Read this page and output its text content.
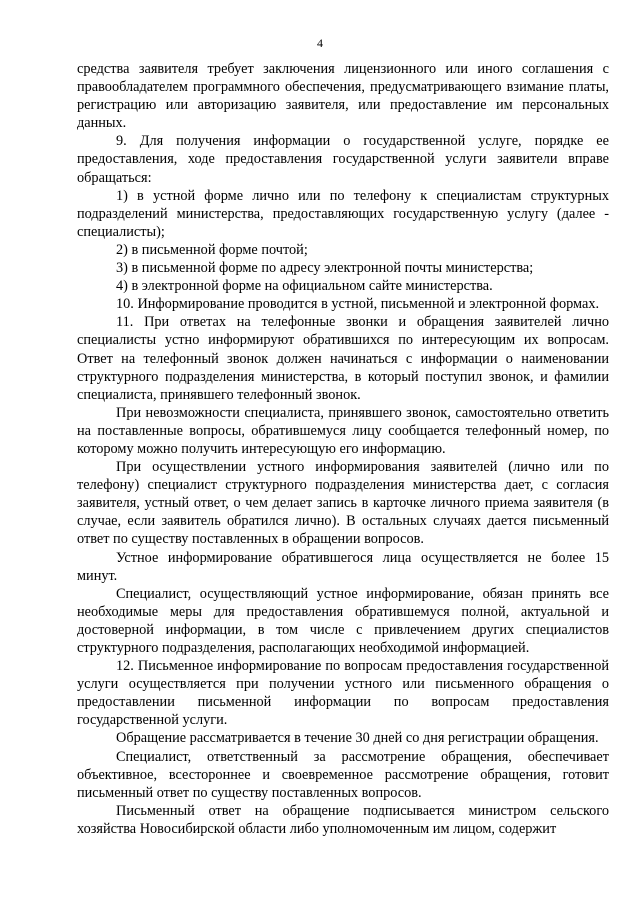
4

средства заявителя требует заключения лицензионного или иного соглашения с правообладателем программного обеспечения, предусматривающего взимание платы, регистрацию или авторизацию заявителя, или предоставление им персональных данных.

9. Для получения информации о государственной услуге, порядке ее предоставления, ходе предоставления государственной услуги заявители вправе обращаться:

1) в устной форме лично или по телефону к специалистам структурных подразделений министерства, предоставляющих государственную услугу (далее - специалисты);

2) в письменной форме почтой;

3) в письменной форме по адресу электронной почты министерства;

4) в электронной форме на официальном сайте министерства.

10. Информирование проводится в устной, письменной и электронной формах.

11. При ответах на телефонные звонки и обращения заявителей лично специалисты устно информируют обратившихся по интересующим их вопросам. Ответ на телефонный звонок должен начинаться с информации о наименовании структурного подразделения министерства, в который поступил звонок, и фамилии специалиста, принявшего телефонный звонок.

При невозможности специалиста, принявшего звонок, самостоятельно ответить на поставленные вопросы, обратившемуся лицу сообщается телефонный номер, по которому можно получить интересующую его информацию.

При осуществлении устного информирования заявителей (лично или по телефону) специалист структурного подразделения министерства дает, с согласия заявителя, устный ответ, о чем делает запись в карточке личного приема заявителя (в случае, если заявитель обратился лично). В остальных случаях дается письменный ответ по существу поставленных в обращении вопросов.

Устное информирование обратившегося лица осуществляется не более 15 минут.

Специалист, осуществляющий устное информирование, обязан принять все необходимые меры для предоставления обратившемуся полной, актуальной и достоверной информации, в том числе с привлечением других специалистов структурного подразделения, располагающих необходимой информацией.

12. Письменное информирование по вопросам предоставления государственной услуги осуществляется при получении устного или письменного обращения о предоставлении письменной информации по вопросам предоставления государственной услуги.

Обращение рассматривается в течение 30 дней со дня регистрации обращения.

Специалист, ответственный за рассмотрение обращения, обеспечивает объективное, всестороннее и своевременное рассмотрение обращения, готовит письменный ответ по существу поставленных вопросов.

Письменный ответ на обращение подписывается министром сельского хозяйства Новосибирской области либо уполномоченным им лицом, содержит
